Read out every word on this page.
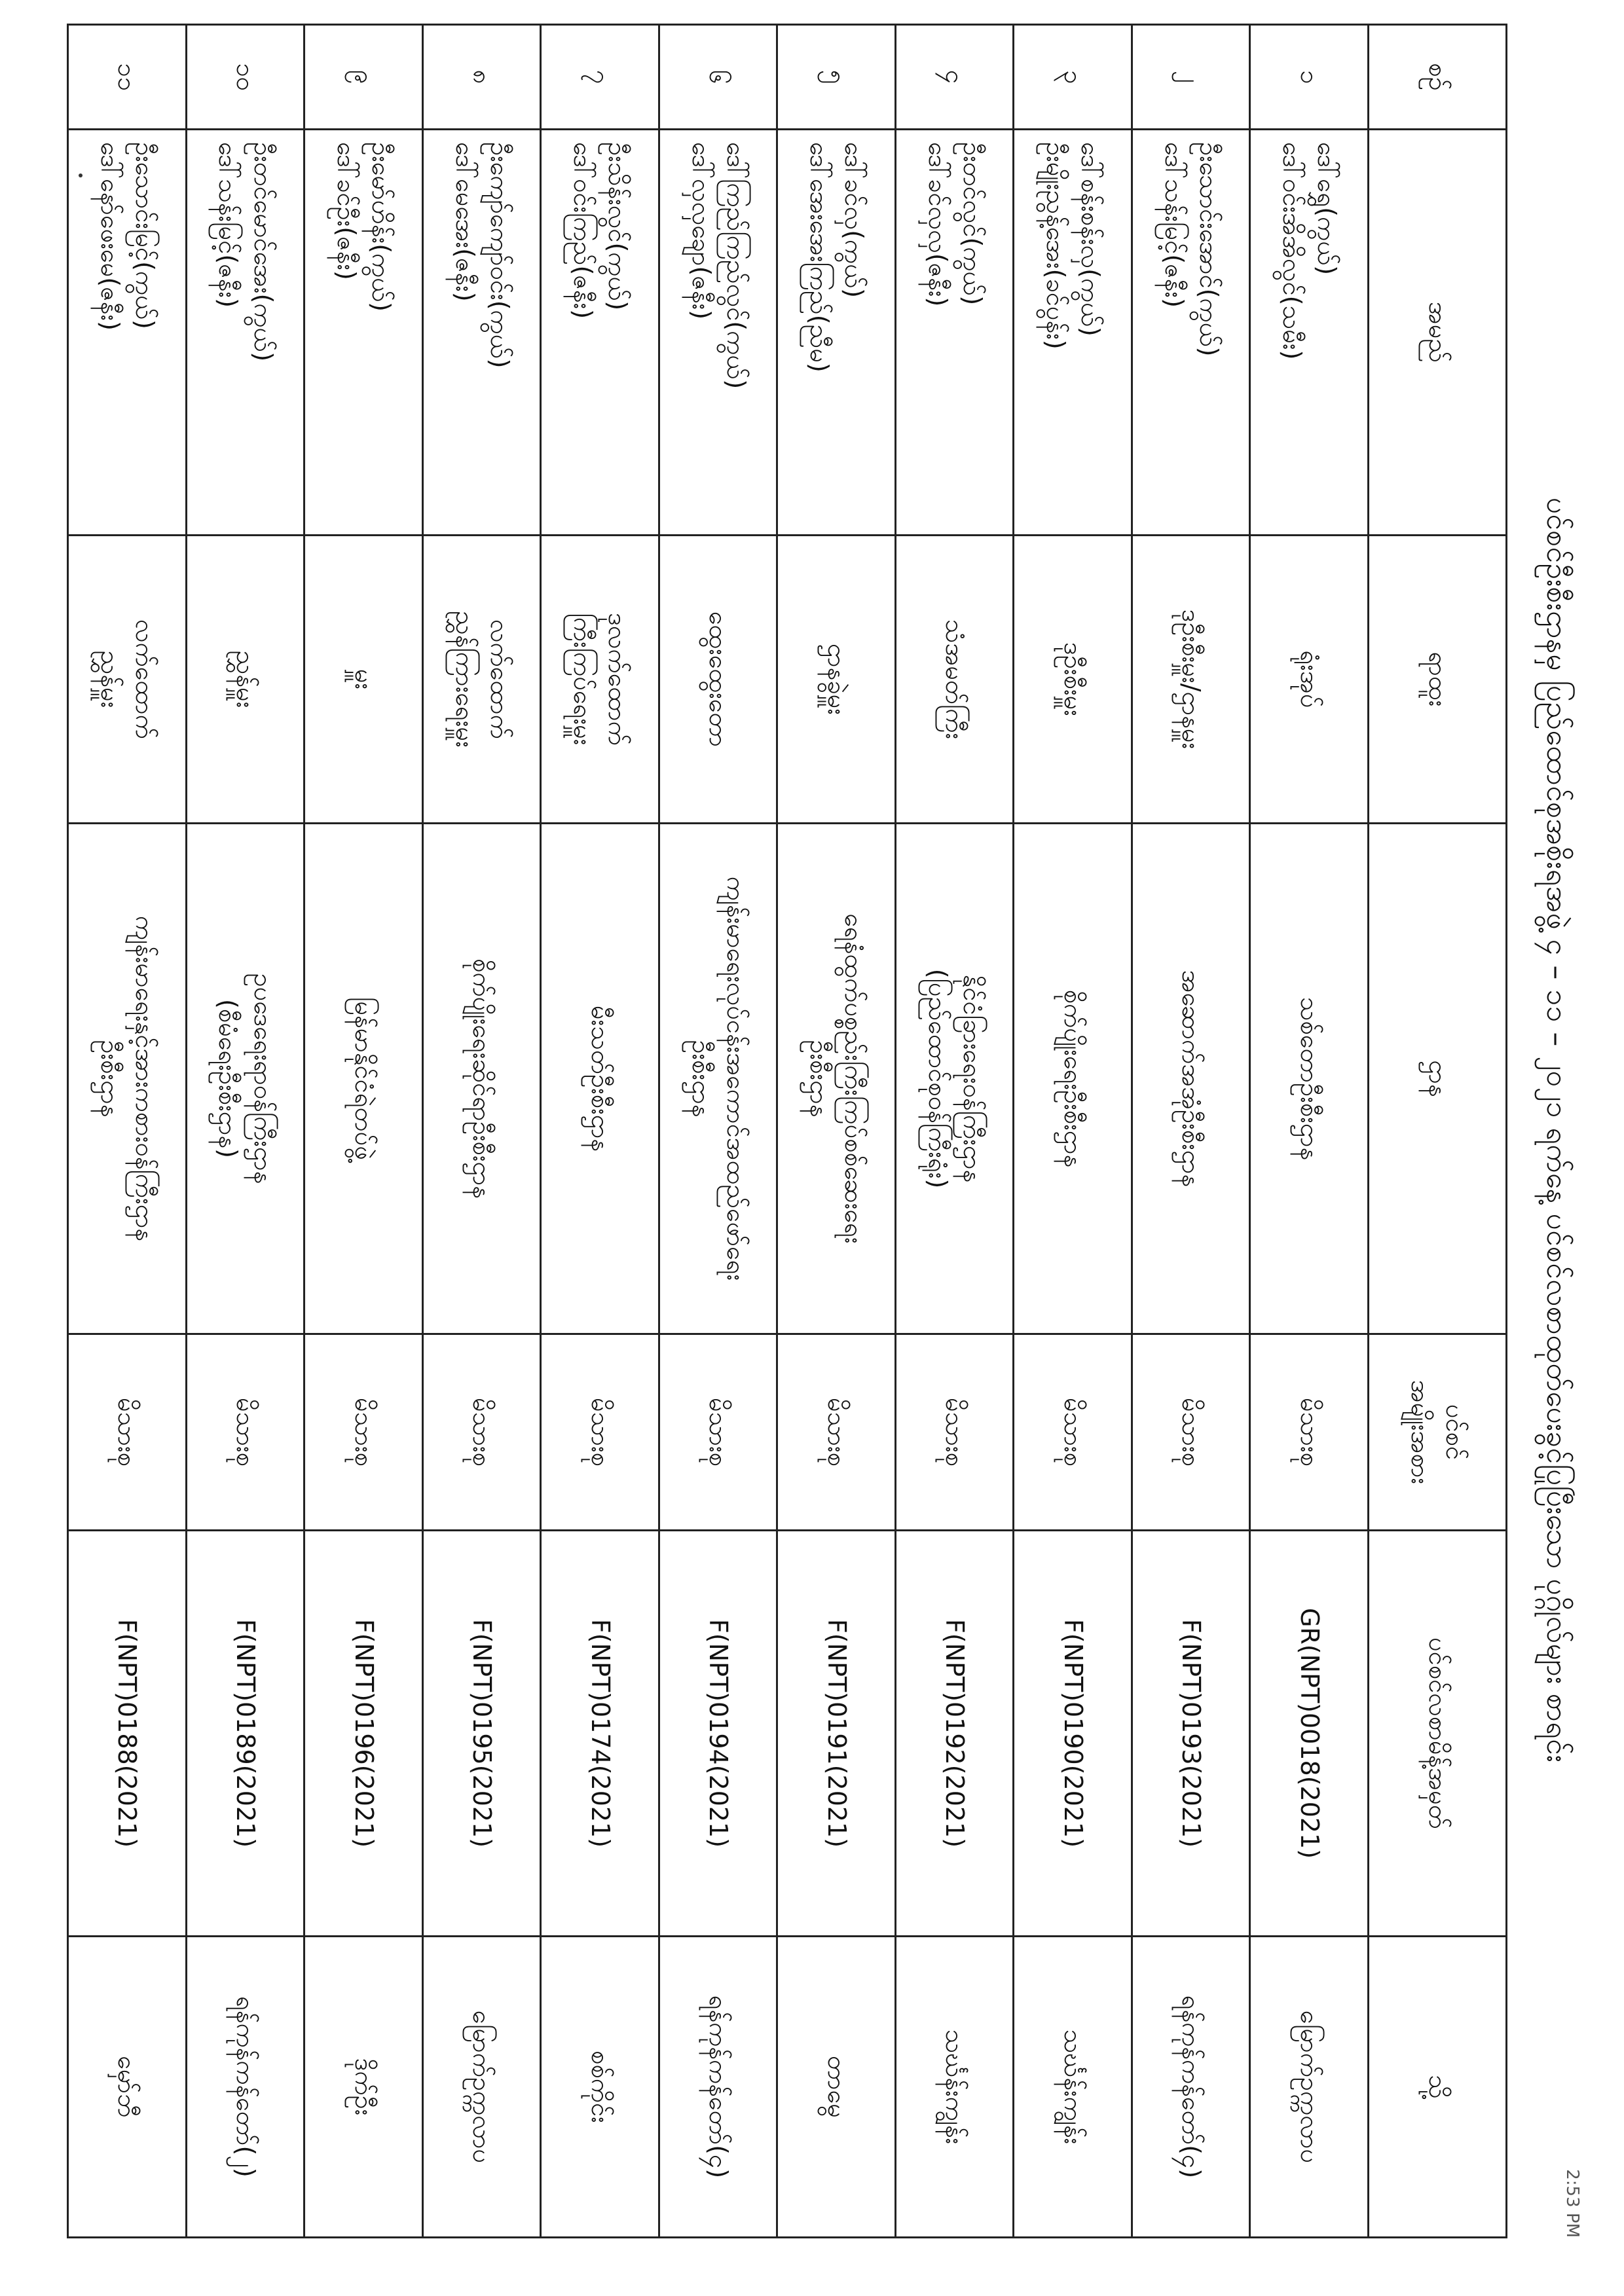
ပင်စင်ဦးစီးဌာနမှ ပြည်ထောင်စုအစိုးရအဖွဲ့ ၄ – ၁၁ – ၂၀၂၁ ရက်နေ့ ပင်စင်လစာထုတ်ပေးခွင့်ပြုပြီးသော ပုဂ္ဂိုလ်များ စာရင်း
2:53 PM
စဉ်	အမည်	ရာထူး	ဌာန	ပင်စင်
အမျိုးအစား	ပင်စင်လစာမိန့်အမှတ်	သို့
၁	ဒေါ်ရွှေ(ကွယ်)
ဒေါ်ဝင်းအိအိလွင်(သမီး)	ရုံးအုပ်	သစ်တောဦးစီးဌာန	မိသားစု	GR(NPT)0018(2021)	မြောက်ဥက္ကလာပ
၂	ဦးသောင်းအောင်(ကွယ်)
ဒေါ်သန်းမြင့်(ဇနီး)	ဒုဦးစီးမှူး/ဌာနမှူး	အဆောက်အအုံဦးစီးဌာန	မိသားစု	F(NPT)0193(2021)	ရန်ကုန်ကန်တော်(၄)
၃	ဒေါ်စန်းစန်းလှ(ကွယ်)
ဦးမျိုးညွန့်အေး(ခင်ပွန်း)	ဒုဦးစီးမှူး	စိုက်ပျိုးရေးဦးစီးဌာန	မိသားစု	F(NPT)0190(2021)	သင်္ဃန်းကျွန်း
၄	ဦးတင်လွင်(ကွယ်)
ဒေါ်ခင်လှလှ(ဇနီး)	သံအမတ်ကြီး	နိုင်ငံခြားရေးဝန်ကြီးဌာန
(ပြည်ထောင်စုဝန်ကြီးရုံး)	မိသားစု	F(NPT)0192(2021)	သင်္ဃန်းကျွန်း
၅	ဒေါ်ခင်လှ(ကွယ်)
ဒေါ်အေးအေးကြည်(ညီမ)	ဌာနခွဲမှူး	ရေနံထွက်ပစ္စည်းကြီးကြပ်စစ်ဆေးရေး
ဦးစီးဌာန	မိသားစု	F(NPT)0191(2021)	တာမွေ
၆	ဒေါ်ကြည်ကြည်လွင်(ကွယ်)
ဒေါ်လှလှချော(ဇနီး)	ထွေးထွေးတော	ကျန်းမာရေးလုပ်ငန်းအကောင်အထည်ဖော်ရေး
ဦးစီးဌာန	မိသားစု	F(NPT)0194(2021)	ရန်ကုန်ကန်တော်(၄)
၇	ဦးသိန်းလွင်(ကွယ်)
ဒေါ်ဝင်းကြည်(ဇနီး)	ဒုလက်ထောက်
ကြီးကြပ်ရေးမှူး	မီးသတ်ဦးစီးဌာန	မိသားစု	F(NPT)0174(2021)	စစ်ကိုင်း
၈	ဦးကျော်ကျော်ဝင်း(ကွယ်)
ဒေါ်မေအေး(ဇနီး)	လက်ထောက်
ညွှန်ကြားရေးမှူး	စိုက်ပျိုးရေးဆိုင်ရာဦးစီးဌာန	မိသားစု	F(NPT)0195(2021)	မြောက်ဥက္ကလာပ
၉	ဦးမော်ဟိန်း(ကွယ်)
ဒေါ်ခင်ဦး(ဇနီး)	မှူး	မြန်မာနိုင်ငံရဲတပ်ဖွဲ့	မိသားစု	F(NPT)0196(2021)	ဒိုက်ဦး
၁၀	ဦးတင်မောင်အေး(ကွယ်)
ဒေါ်သန်းမြင့်(ဇနီး)	ညွှန်မှူး	ဥပဒေရေးရာဝန်ကြီးဌာန
(စီမံရေးဦးစီးဌာန)	မိသားစု	F(NPT)0189(2021)	ရန်ကုန်ကန်တော်(၂)
၁၁	ဦးသောင်းမြင့်(ကွယ်)
ဒေါ်နော်ဖေးမေ(ဇနီး)	လက်ထောက်
ညွှန်မှူး	ကျန်းမာရေးနှင့်အားကစားဝန်ကြီးဌာန
ဦးစီးဌာန	မိသားစု	F(NPT)0188(2021)	မှော်ဘီ
